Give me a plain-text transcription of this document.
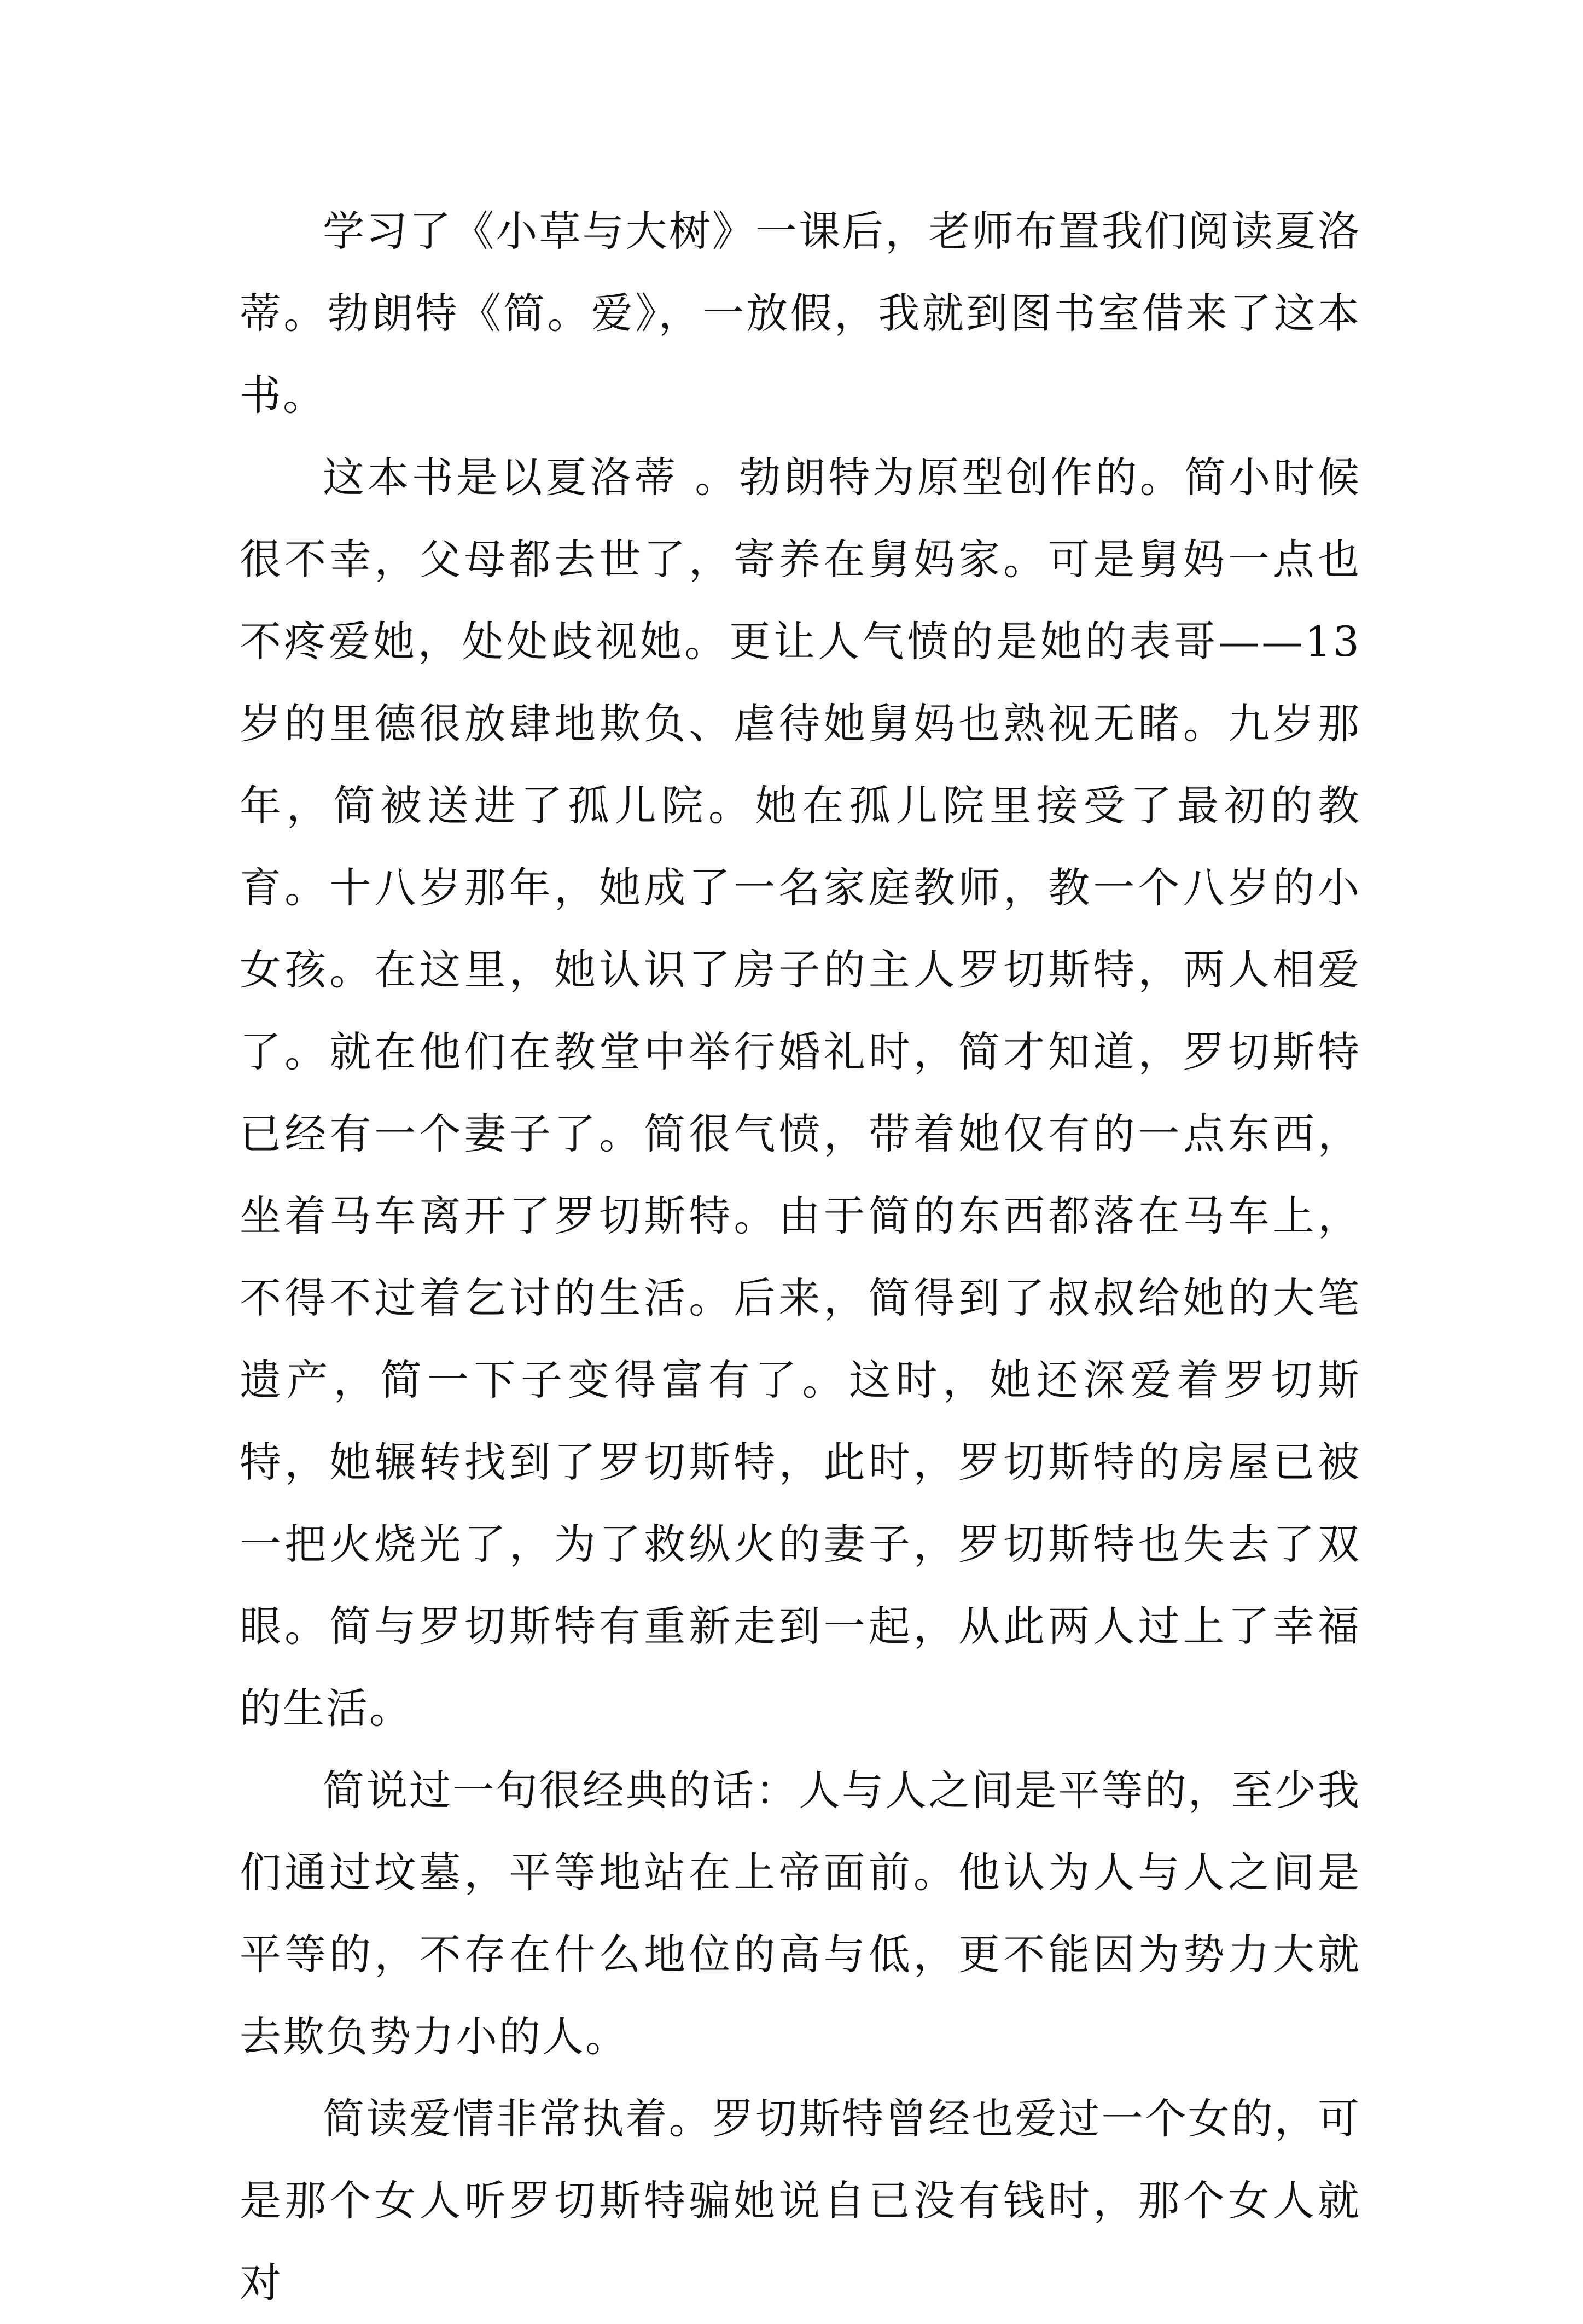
学习了《小草与大树》一课后，老师布置我们阅读夏洛蒂。勃朗特《简。爱》，一放假，我就到图书室借来了这本书。

这本书是以夏洛蒂 。勃朗特为原型创作的。简小时候很不幸，父母都去世了，寄养在舅妈家。可是舅妈一点也不疼爱她，处处歧视她。更让人气愤的是她的表哥——13岁的里德很放肆地欺负、虐待她舅妈也熟视无睹。九岁那年，简被送进了孤儿院。她在孤儿院里接受了最初的教育。十八岁那年，她成了一名家庭教师，教一个八岁的小女孩。在这里，她认识了房子的主人罗切斯特，两人相爱了。就在他们在教堂中举行婚礼时，简才知道，罗切斯特已经有一个妻子了。简很气愤，带着她仅有的一点东西，坐着马车离开了罗切斯特。由于简的东西都落在马车上，不得不过着乞讨的生活。后来，简得到了叔叔给她的大笔遗产，简一下子变得富有了。这时，她还深爱着罗切斯特，她辗转找到了罗切斯特，此时，罗切斯特的房屋已被一把火烧光了，为了救纵火的妻子，罗切斯特也失去了双眼。简与罗切斯特有重新走到一起，从此两人过上了幸福的生活。

简说过一句很经典的话：人与人之间是平等的，至少我们通过坟墓，平等地站在上帝面前。他认为人与人之间是平等的，不存在什么地位的高与低，更不能因为势力大就去欺负势力小的人。

简读爱情非常执着。罗切斯特曾经也爱过一个女的，可是那个女人听罗切斯特骗她说自已没有钱时，那个女人就对
